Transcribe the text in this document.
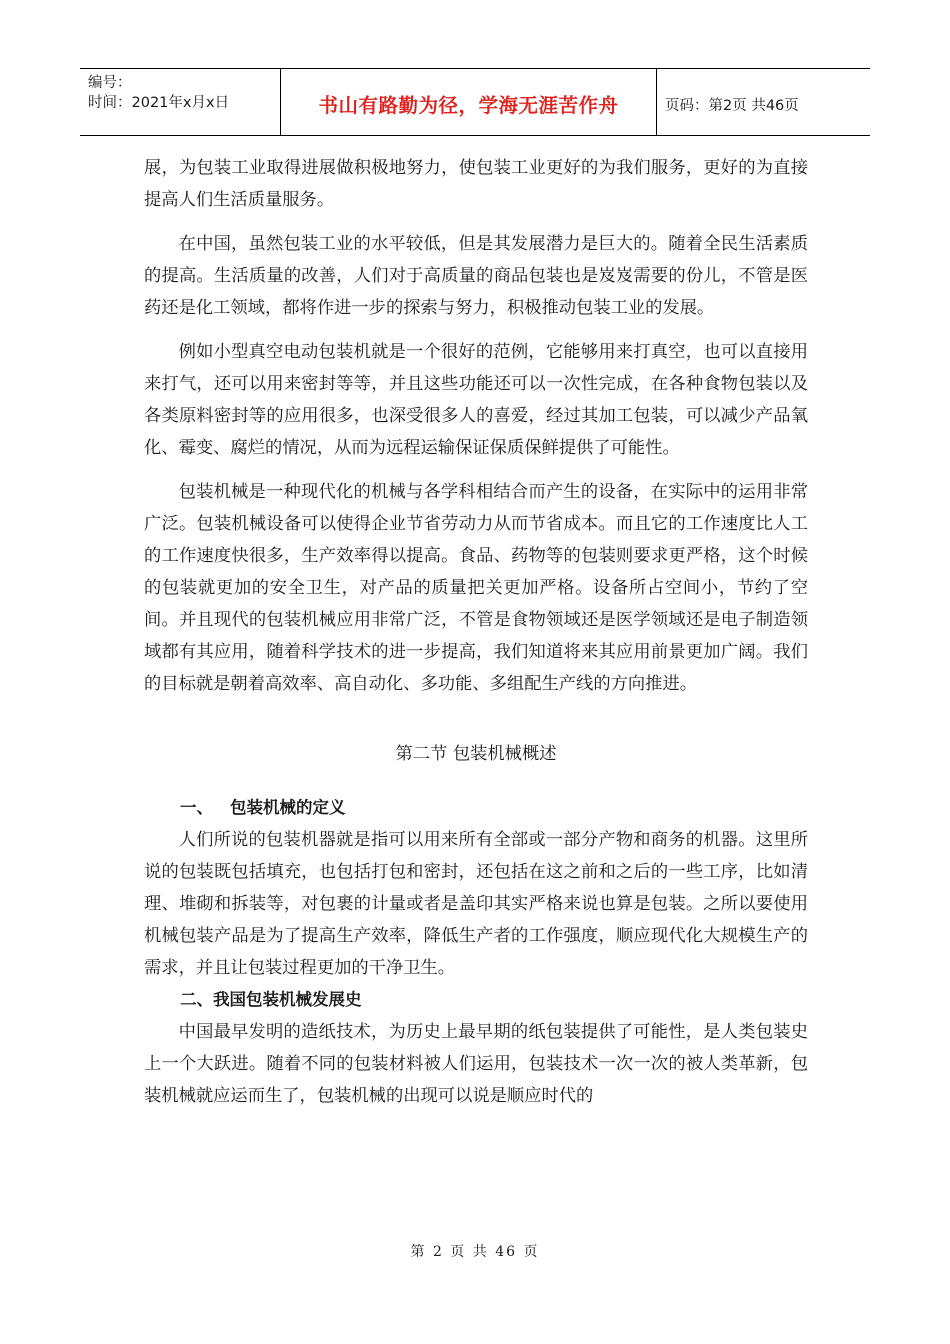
编号：
时间：2021年x月x日	书山有路勤为径，学海无涯苦作舟	页码：第2页 共46页

展，为包装工业取得进展做积极地努力，使包装工业更好的为我们服务，更好的为直接提高人们生活质量服务。

在中国，虽然包装工业的水平较低，但是其发展潜力是巨大的。随着全民生活素质的提高。生活质量的改善，人们对于高质量的商品包装也是岌岌需要的份儿，不管是医药还是化工领域，都将作进一步的探索与努力，积极推动包装工业的发展。

例如小型真空电动包装机就是一个很好的范例，它能够用来打真空，也可以直接用来打气，还可以用来密封等等，并且这些功能还可以一次性完成，在各种食物包装以及各类原料密封等的应用很多，也深受很多人的喜爱，经过其加工包装，可以减少产品氧化、霉变、腐烂的情况，从而为远程运输保证保质保鲜提供了可能性。

包装机械是一种现代化的机械与各学科相结合而产生的设备，在实际中的运用非常广泛。包装机械设备可以使得企业节省劳动力从而节省成本。而且它的工作速度比人工的工作速度快很多，生产效率得以提高。食品、药物等的包装则要求更严格，这个时候的包装就更加的安全卫生，对产品的质量把关更加严格。设备所占空间小，节约了空间。并且现代的包装机械应用非常广泛，不管是食物领域还是医学领域还是电子制造领域都有其应用，随着科学技术的进一步提高，我们知道将来其应用前景更加广阔。我们的目标就是朝着高效率、高自动化、多功能、多组配生产线的方向推进。

第二节 包装机械概述

一、 包装机械的定义

人们所说的包装机器就是指可以用来所有全部或一部分产物和商务的机器。这里所说的包装既包括填充，也包括打包和密封，还包括在这之前和之后的一些工序，比如清理、堆砌和拆装等，对包裹的计量或者是盖印其实严格来说也算是包装。之所以要使用机械包装产品是为了提高生产效率，降低生产者的工作强度，顺应现代化大规模生产的需求，并且让包装过程更加的干净卫生。

二、我国包装机械发展史

中国最早发明的造纸技术，为历史上最早期的纸包装提供了可能性，是人类包装史上一个大跃进。随着不同的包装材料被人们运用，包装技术一次一次的被人类革新，包装机械就应运而生了，包装机械的出现可以说是顺应时代的

第 2 页 共 46 页
